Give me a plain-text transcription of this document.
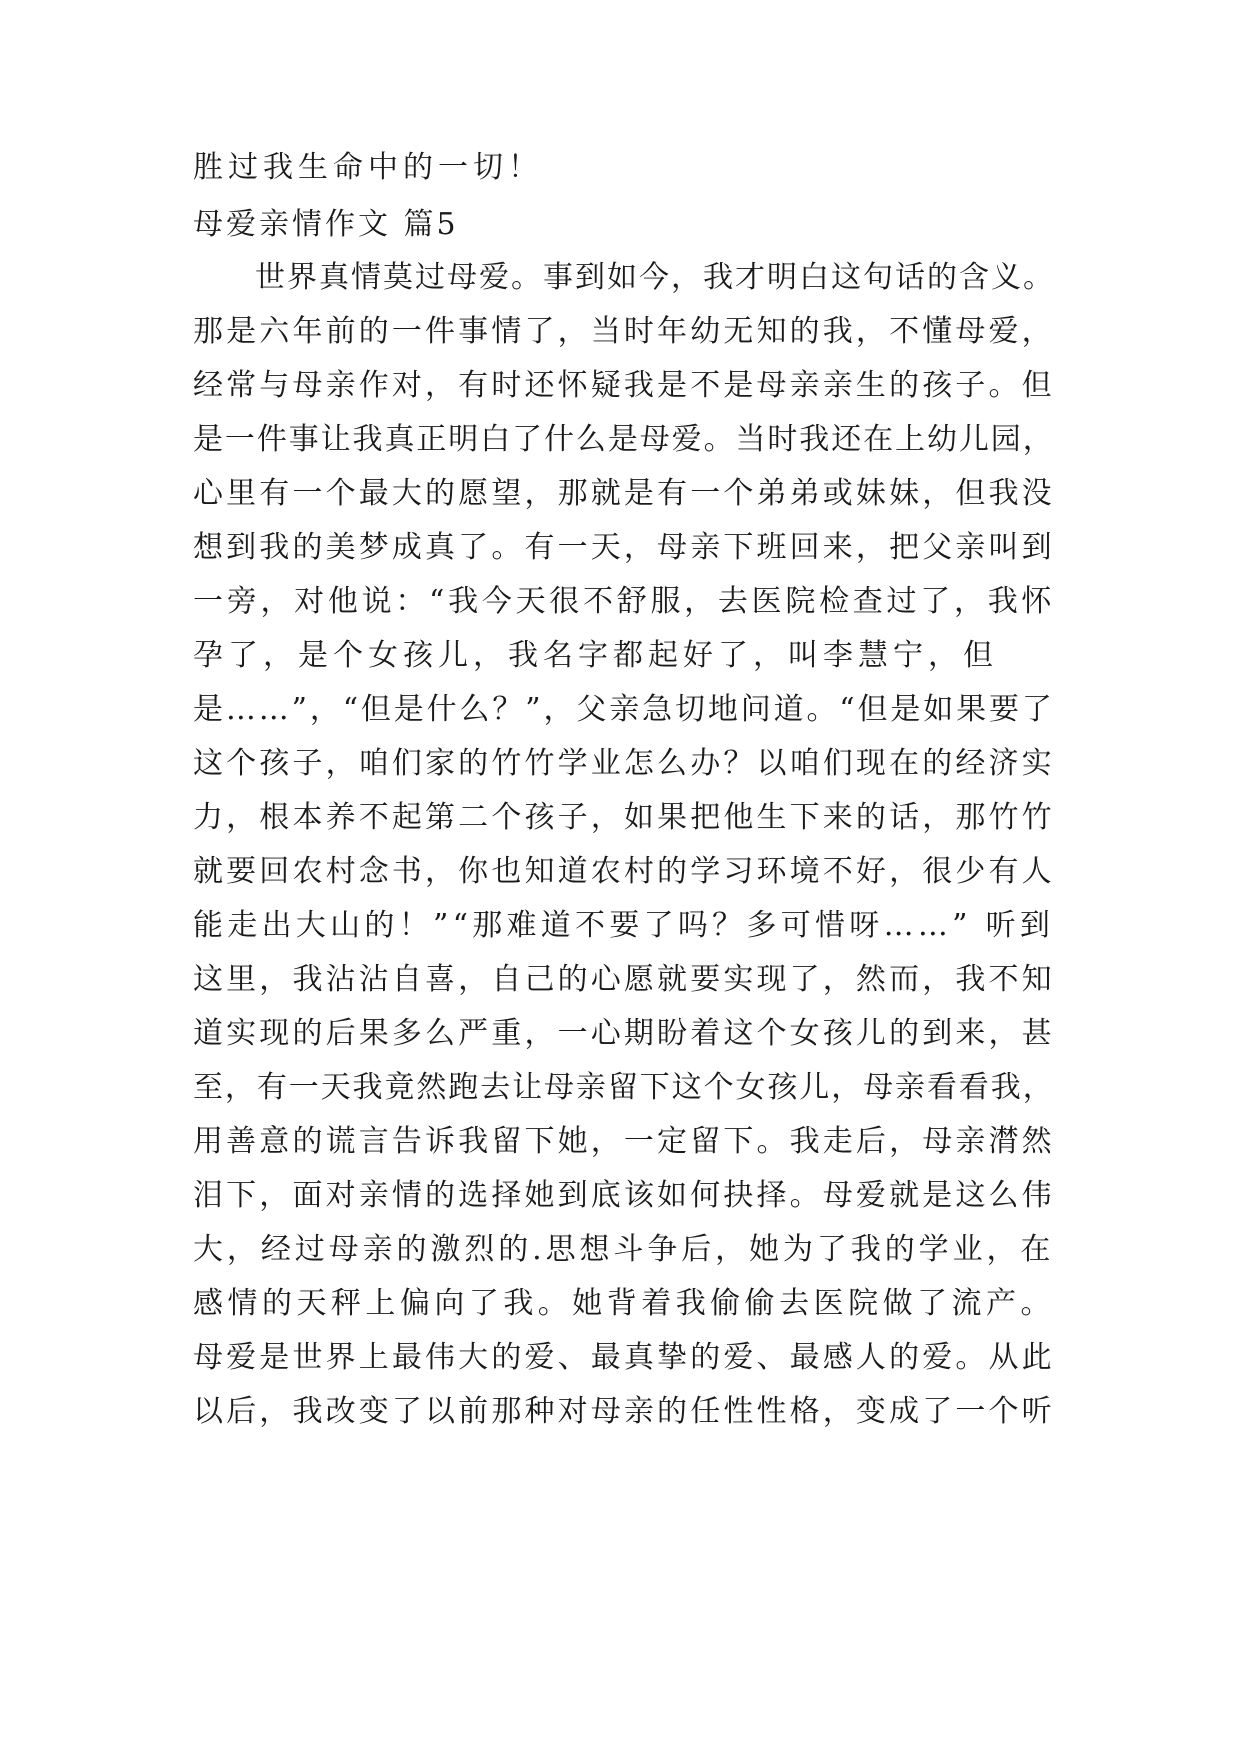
胜过我生命中的一切！
母爱亲情作文 篇5
世界真情莫过母爱。事到如今，我才明白这句话的含义。
那是六年前的一件事情了，当时年幼无知的我，不懂母爱，
经常与母亲作对，有时还怀疑我是不是母亲亲生的孩子。但
是一件事让我真正明白了什么是母爱。当时我还在上幼儿园，
心里有一个最大的愿望，那就是有一个弟弟或妹妹，但我没
想到我的美梦成真了。有一天，母亲下班回来，把父亲叫到
一旁，对他说：“我今天很不舒服，去医院检查过了，我怀
孕了，是个女孩儿，我名字都起好了，叫李慧宁，但
是……”，“但是什么？”，父亲急切地问道。“但是如果要了
这个孩子，咱们家的竹竹学业怎么办？以咱们现在的经济实
力，根本养不起第二个孩子，如果把他生下来的话，那竹竹
就要回农村念书，你也知道农村的学习环境不好，很少有人
能走出大山的！”“那难道不要了吗？多可惜呀……” 听到
这里，我沾沾自喜，自己的心愿就要实现了，然而，我不知
道实现的后果多么严重，一心期盼着这个女孩儿的到来，甚
至，有一天我竟然跑去让母亲留下这个女孩儿，母亲看看我，
用善意的谎言告诉我留下她，一定留下。我走后，母亲潸然
泪下，面对亲情的选择她到底该如何抉择。母爱就是这么伟
大，经过母亲的激烈的.思想斗争后，她为了我的学业，在
感情的天秤上偏向了我。她背着我偷偷去医院做了流产。
母爱是世界上最伟大的爱、最真挚的爱、最感人的爱。从此
以后，我改变了以前那种对母亲的任性性格，变成了一个听
